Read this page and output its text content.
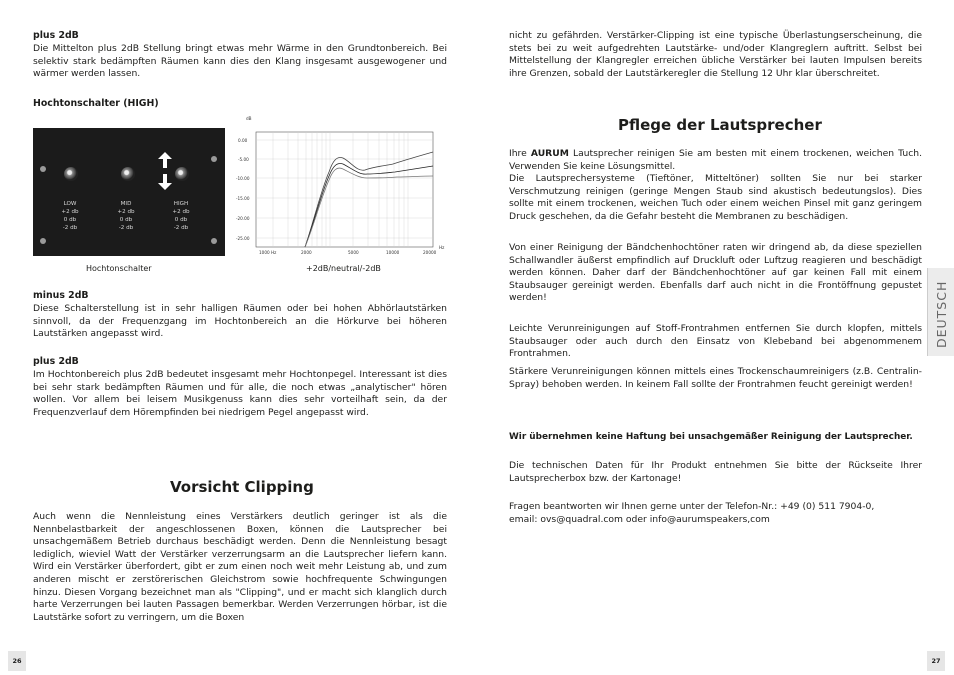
plus 2dB
Die Mittelton plus 2dB Stellung bringt etwas mehr Wärme in den Grundtonbereich. Bei selektiv stark bedämpften Räumen kann dies den Klang insgesamt ausgewogener und wärmer werden lassen.
Hochtonschalter (HIGH)
LOW
+2 db
0 db
-2 db
MID
+2 db
0 db
-2 db
HIGH
+2 db
0 db
-2 db
Hochtonschalter
dB
0.00
-5.00
-10.00
-15.00
-20.00
-25.00
1000 Hz	2000	5000	10000	20000
Hz
+2dB/neutral/-2dB
minus 2dB
Diese Schalterstellung ist in sehr halligen Räumen oder bei hohen Abhörlautstärken sinnvoll, da der Frequenzgang im Hochtonbereich an die Hörkurve bei höheren Lautstärken angepasst wird.
plus 2dB
Im Hochtonbereich plus 2dB bedeutet insgesamt mehr Hochtonpegel. Interessant ist dies bei sehr stark bedämpften Räumen und für alle, die noch etwas „analytischer" hören wollen. Vor allem bei leisem Musikgenuss kann dies sehr vorteilhaft sein, da der Frequenzverlauf dem Hörempfinden bei niedrigem Pegel angepasst wird.
Vorsicht Clipping
Auch wenn die Nennleistung eines Verstärkers deutlich geringer ist als die Nennbelastbarkeit der angeschlossenen Boxen, können die Lautsprecher bei unsachgemäßem Betrieb durchaus beschädigt werden. Denn die Nennleistung besagt lediglich, wieviel Watt der Verstärker verzerrungsarm an die Lautsprecher liefern kann. Wird ein Verstärker überfordert, gibt er zum einen noch weit mehr Leistung ab, und zum anderen mischt er zerstörerischen Gleichstrom sowie hochfrequente Schwingungen hinzu. Diesen Vorgang bezeichnet man als "Clipping", und er macht sich klanglich durch harte Verzerrungen bei lauten Passagen bemerkbar. Werden Verzerrungen hörbar, ist die Lautstärke sofort zu verringern, um die Boxen
26
nicht zu gefährden. Verstärker-Clipping ist eine typische Überlastungserscheinung, die stets bei zu weit aufgedrehten Lautstärke- und/oder Klangreglern auftritt. Selbst bei Mittelstellung der Klangregler erreichen übliche Verstärker bei lauten Impulsen bereits ihre Grenzen, sobald der Lautstärkeregler die Stellung 12 Uhr klar überschreitet.
Pflege der Lautsprecher
Ihre AURUM Lautsprecher reinigen Sie am besten mit einem trockenen, weichen Tuch. Verwenden Sie keine Lösungsmittel.
Die Lautsprechersysteme (Tieftöner, Mitteltöner) sollten Sie nur bei starker Verschmutzung reinigen (geringe Mengen Staub sind akustisch bedeutungslos). Dies sollte mit einem trockenen, weichen Tuch oder einem weichen Pinsel mit ganz geringem Druck geschehen, da die Gefahr besteht die Membranen zu beschädigen.
Von einer Reinigung der Bändchenhochtöner raten wir dringend ab, da diese speziellen Schallwandler äußerst empfindlich auf Druckluft oder Luftzug reagieren und beschädigt werden können. Daher darf der Bändchenhochtöner auf gar keinen Fall mit einem Staubsauger gereinigt werden. Ebenfalls darf auch nicht in die Frontöffnung gepustet werden!
Leichte Verunreinigungen auf Stoff-Frontrahmen entfernen Sie durch klopfen, mittels Staubsauger oder auch durch den Einsatz von Klebeband bei abgenommenem Frontrahmen.
Stärkere Verunreinigungen können mittels eines Trockenschaumreinigers (z.B. Centralin-Spray) behoben werden. In keinem Fall sollte der Frontrahmen feucht gereinigt werden!
Wir übernehmen keine Haftung bei unsachgemäßer Reinigung der Lautsprecher.
Die technischen Daten für Ihr Produkt entnehmen Sie bitte der Rückseite Ihrer Lautsprecherbox bzw. der Kartonage!
Fragen beantworten wir Ihnen gerne unter der Telefon-Nr.: +49 (0) 511 7904-0,
email: ovs@quadral.com oder info@aurumspeakers,com
DEUTSCH
27
